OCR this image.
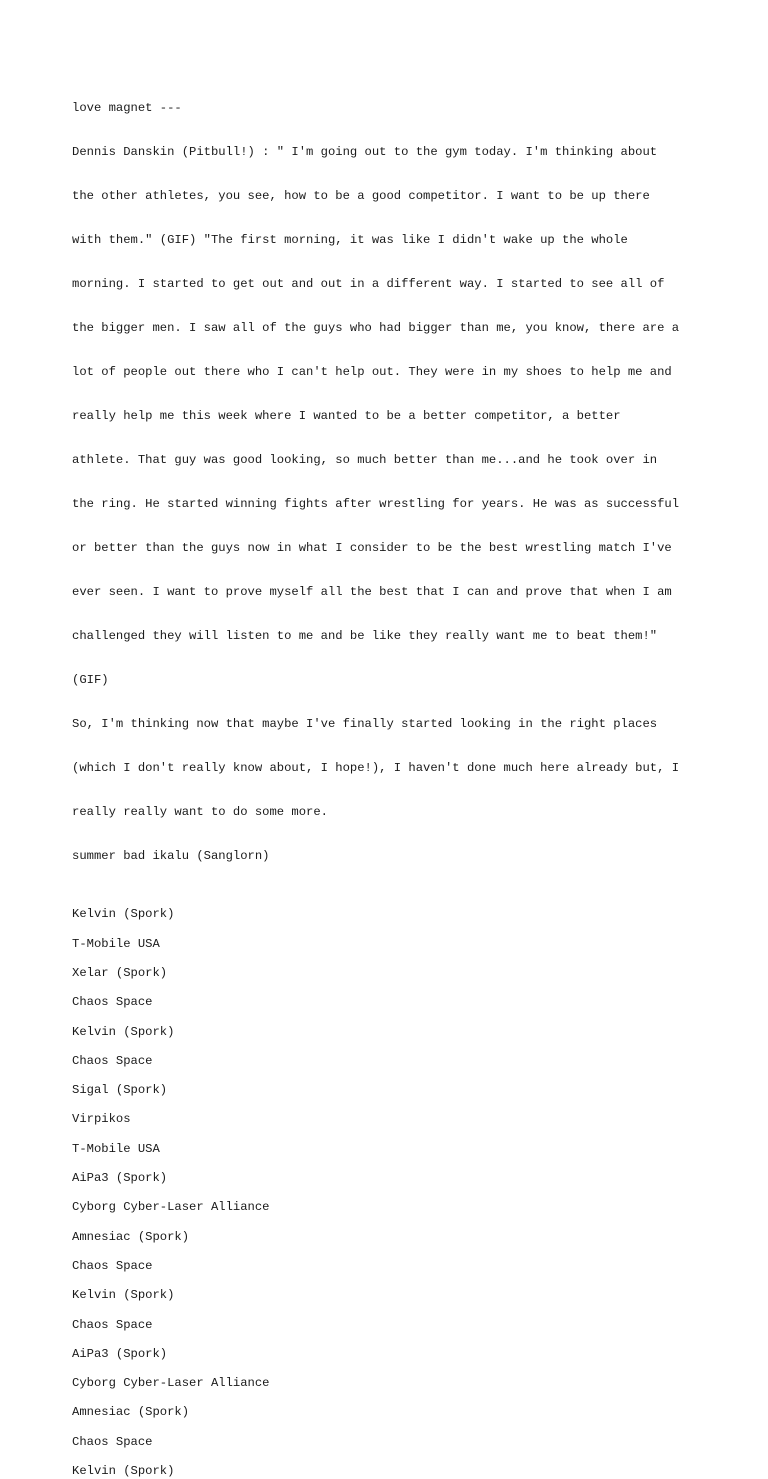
love magnet ---

Dennis Danskin (Pitbull!) : " I'm going out to the gym today. I'm thinking about

the other athletes, you see, how to be a good competitor. I want to be up there

with them." (GIF) "The first morning, it was like I didn't wake up the whole

morning. I started to get out and out in a different way. I started to see all of

the bigger men. I saw all of the guys who had bigger than me, you know, there are a

lot of people out there who I can't help out. They were in my shoes to help me and

really help me this week where I wanted to be a better competitor, a better

athlete. That guy was good looking, so much better than me...and he took over in

the ring. He started winning fights after wrestling for years. He was as successful

or better than the guys now in what I consider to be the best wrestling match I've

ever seen. I want to prove myself all the best that I can and prove that when I am

challenged they will listen to me and be like they really want me to beat them!"

(GIF)

So, I'm thinking now that maybe I've finally started looking in the right places

(which I don't really know about, I hope!), I haven't done much here already but, I

really really want to do some more.

summer bad ikalu (Sanglorn)

Kelvin (Spork)
T-Mobile USA
Xelar (Spork)
Chaos Space
Kelvin (Spork)
Chaos Space
Sigal (Spork)
Virpikos
T-Mobile USA
AiPa3 (Spork)
Cyborg Cyber-Laser Alliance
Amnesiac (Spork)
Chaos Space
Kelvin (Spork)
Chaos Space
AiPa3 (Spork)
Cyborg Cyber-Laser Alliance
Amnesiac (Spork)
Chaos Space
Kelvin (Spork)
